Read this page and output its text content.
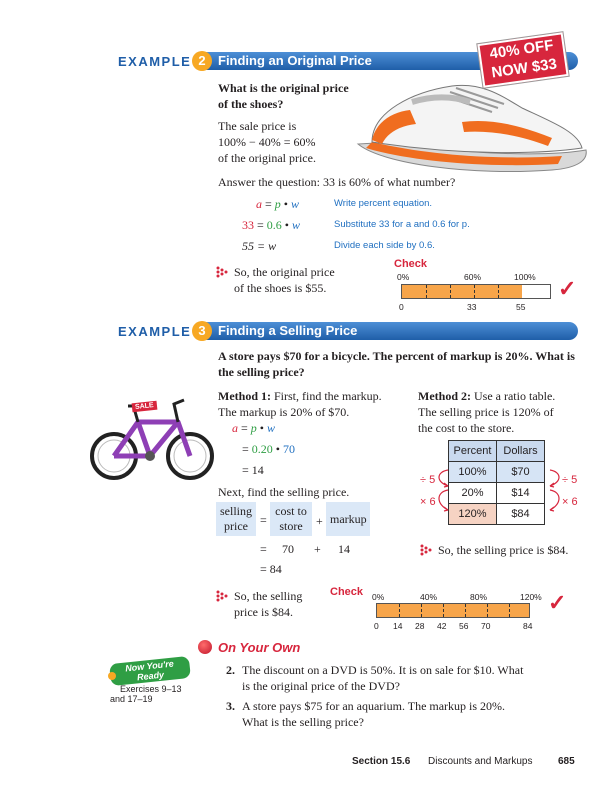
EXAMPLE	Finding an Original Price
2	40% OFF
NOW $33
What is the original price
of the shoes?
The sale price is
100% − 40% = 60%
of the original price.
Answer the question: 33 is 60% of what number?
a = p • w	Write percent equation.
33 = 0.6 • w	Substitute 33 for a and 0.6 for p.
55 = w	Divide each side by 0.6.
So, the original price
of the shoes is $55.
Check
0%	60%	100%
0	33	55
✓
EXAMPLE	Finding a Selling Price
3
A store pays $70 for a bicycle. The percent of markup is 20%. What is
the selling price?
SALE
Method 1: First, find the markup.
The markup is 20% of $70.
a = p • w
= 0.20 • 70
= 14
Next, find the selling price.
selling
price	=
cost to
store	+ markup
= 70 + 14
= 84
So, the selling
price is $84.
Method 2: Use a ratio table.
The selling price is 120% of
the cost to the store.
Percent	Dollars
100%	$70
20%	$14
120%	$84
÷ 5
× 6
÷ 5
× 6
So, the selling price is $84.
Check 0%	40%	80%	120%
0 14 28 42 56 70	84
✓
On Your Own
Now You're Ready
Exercises 9–13
and 17–19
2. The discount on a DVD is 50%. It is on sale for $10. What
is the original price of the DVD?
3. A store pays $75 for an aquarium. The markup is 20%.
What is the selling price?
Section 15.6 Discounts and Markups	685
